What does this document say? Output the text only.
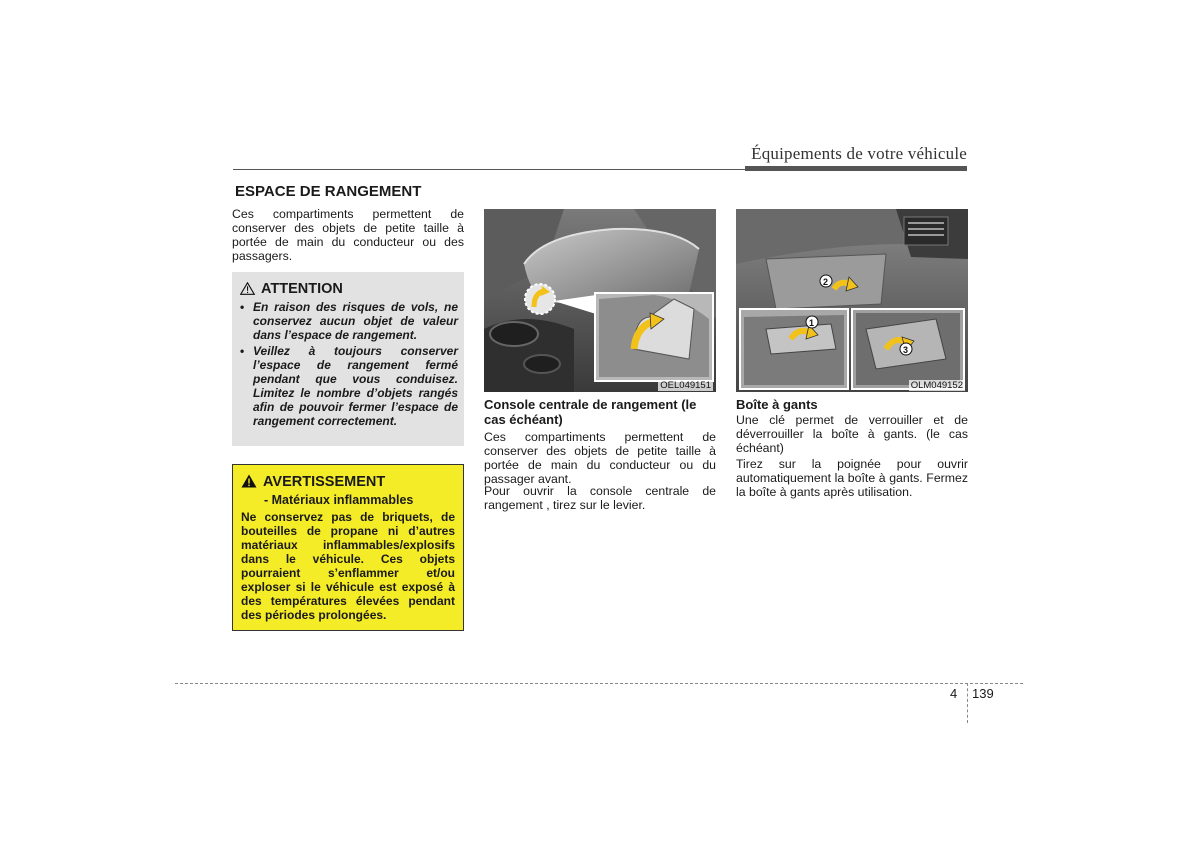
Équipements de votre véhicule
ESPACE DE RANGEMENT
Ces compartiments permettent de conserver des objets de petite taille à portée de main du conducteur ou des passagers.
ATTENTION
• En raison des risques de vols, ne conservez aucun objet de valeur dans l’espace de rangement.
• Veillez à toujours conserver l’espace de rangement fermé pendant que vous conduisez. Limitez le nombre d’objets rangés afin de pouvoir fermer l’espace de rangement correctement.
AVERTISSEMENT
- Matériaux inflammables
Ne conservez pas de briquets, de bouteilles de propane ni d’autres matériaux inflammables/explosifs dans le véhicule. Ces objets pourraient s’enflammer et/ou exploser si le véhicule est exposé à des températures élevées pendant des périodes prolongées.
OEL049151
Console centrale de rangement (le cas échéant)
Ces compartiments permettent de conserver des objets de petite taille à portée de main du conducteur ou du passager avant.
Pour ouvrir la console centrale de rangement , tirez sur le levier.
2
1
3
OLM049152
Boîte à gants
Une clé permet de verrouiller et de déverrouiller la boîte à gants. (le cas échéant)
Tirez sur la poignée pour ouvrir automatiquement la boîte à gants. Fermez la boîte à gants après utilisation.
4 139
